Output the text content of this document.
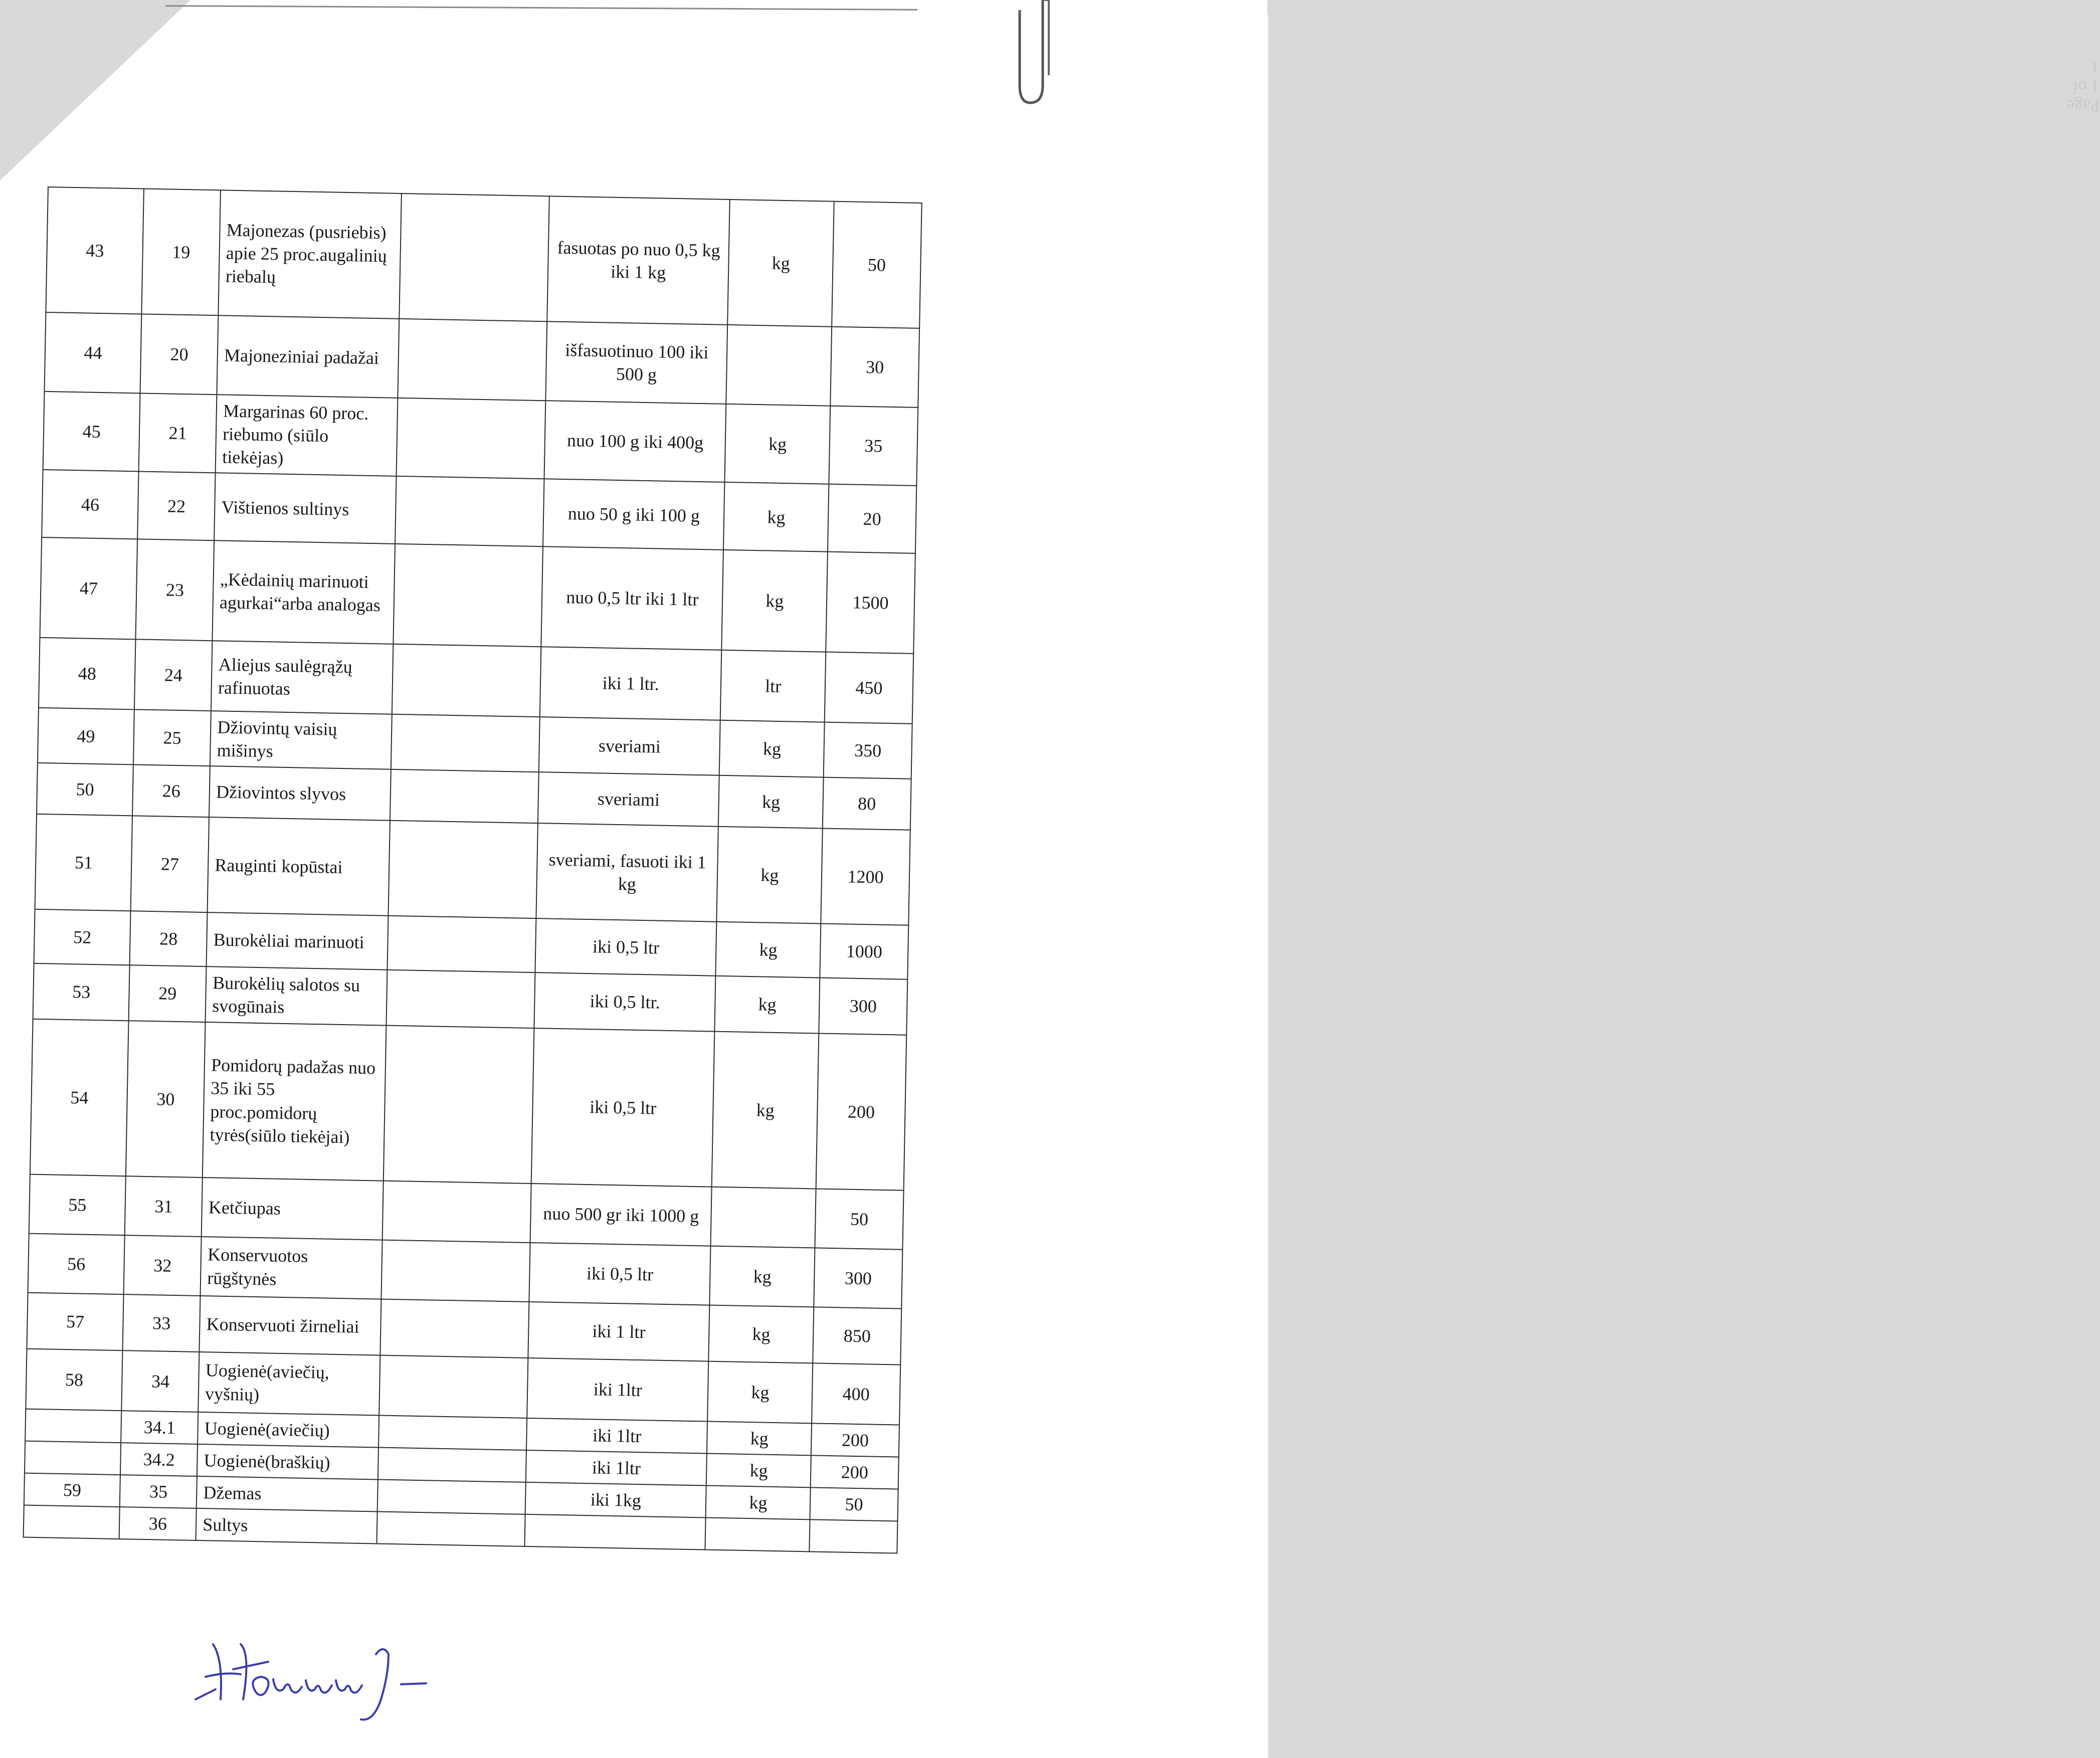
Page 1 of 1
43	19	Majonezas (pusriebis) apie 25 proc.augalinių riebalų		fasuotas po nuo 0,5 kg iki 1 kg	kg	50
44	20	Majoneziniai padažai		išfasuotinuo 100 iki 500 g		30
45	21	Margarinas 60 proc. riebumo (siūlo tiekėjas)		nuo 100 g iki 400g	kg	35
46	22	Vištienos sultinys		nuo 50 g iki 100 g	kg	20
47	23	„Kėdainių marinuoti agurkai“arba analogas		nuo 0,5 ltr iki 1 ltr	kg	1500
48	24	Aliejus saulėgrąžų rafinuotas		iki 1 ltr.	ltr	450
49	25	Džiovintų vaisių mišinys		sveriami	kg	350
50	26	Džiovintos slyvos		sveriami	kg	80
51	27	Rauginti kopūstai		sveriami, fasuoti iki 1 kg	kg	1200
52	28	Burokėliai marinuoti		iki 0,5 ltr	kg	1000
53	29	Burokėlių salotos su svogūnais		iki 0,5 ltr.	kg	300
54	30	Pomidorų padažas nuo 35 iki 55 proc.pomidorų tyrės(siūlo tiekėjai)		iki 0,5 ltr	kg	200
55	31	Ketčiupas		nuo 500 gr iki 1000 g		50
56	32	Konservuotos rūgštynės		iki 0,5 ltr	kg	300
57	33	Konservuoti žirneliai		iki 1 ltr	kg	850
58	34	Uogienė(aviečių, vyšnių)		iki 1ltr	kg	400
	34.1	Uogienė(aviečių)		iki 1ltr	kg	200
	34.2	Uogienė(braškių)		iki 1ltr	kg	200
59	35	Džemas		iki 1kg	kg	50
	36	Sultys				
